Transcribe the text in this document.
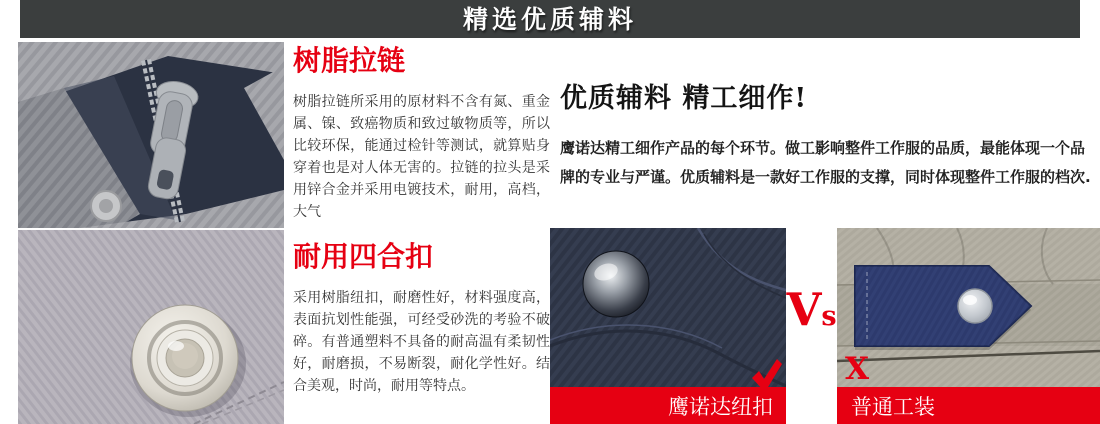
精选优质辅料
树脂拉链

树脂拉链所采用的原材料不含有氮、重金属、镍、致癌物质和致过敏物质等，所以比较环保，能通过检针等测试，就算贴身穿着也是对人体无害的。拉链的拉头是采用锌合金并采用电镀技术，耐用，高档，大气

优质辅料 精工细作!

鹰诺达精工细作产品的每个环节。做工影响整件工作服的品质，最能体现一个品牌的专业与严谨。优质辅料是一款好工作服的支撑，同时体现整件工作服的档次.

耐用四合扣

采用树脂纽扣，耐磨性好，材料强度高，表面抗划性能强，可经受砂洗的考验不破碎。有普通塑料不具备的耐高温有柔韧性好，耐磨损，不易断裂，耐化学性好。结合美观，时尚，耐用等特点。

鹰诺达纽扣
Vs
X
普通工装
